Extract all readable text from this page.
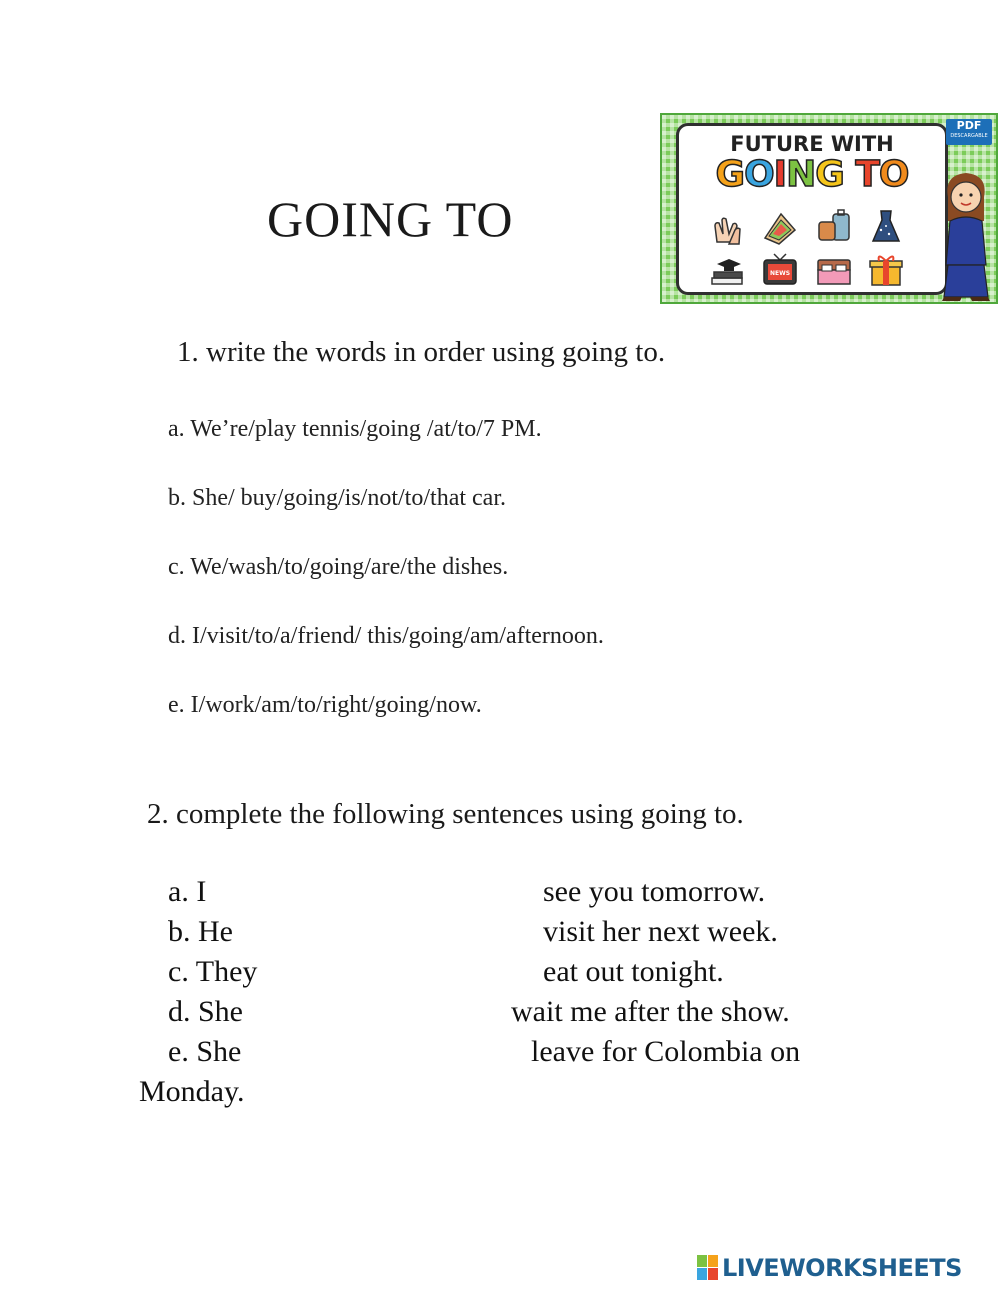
GOING TO
FUTURE WITH
GOING TO
NEWS
PDF
DESCARGABLE
1. write the words in order using going to.
a. We’re/play tennis/going /at/to/7 PM.
b. She/ buy/going/is/not/to/that car.
c. We/wash/to/going/are/the dishes.
d. I/visit/to/a/friend/ this/going/am/afternoon.
e. I/work/am/to/right/going/now.
2. complete the following sentences using going to.
a. I	see you tomorrow.
b. He	visit her next week.
c. They	eat out tonight.
d. She	wait me after the show.
e. She	leave for Colombia on
Monday.
LIVEWORKSHEETS
